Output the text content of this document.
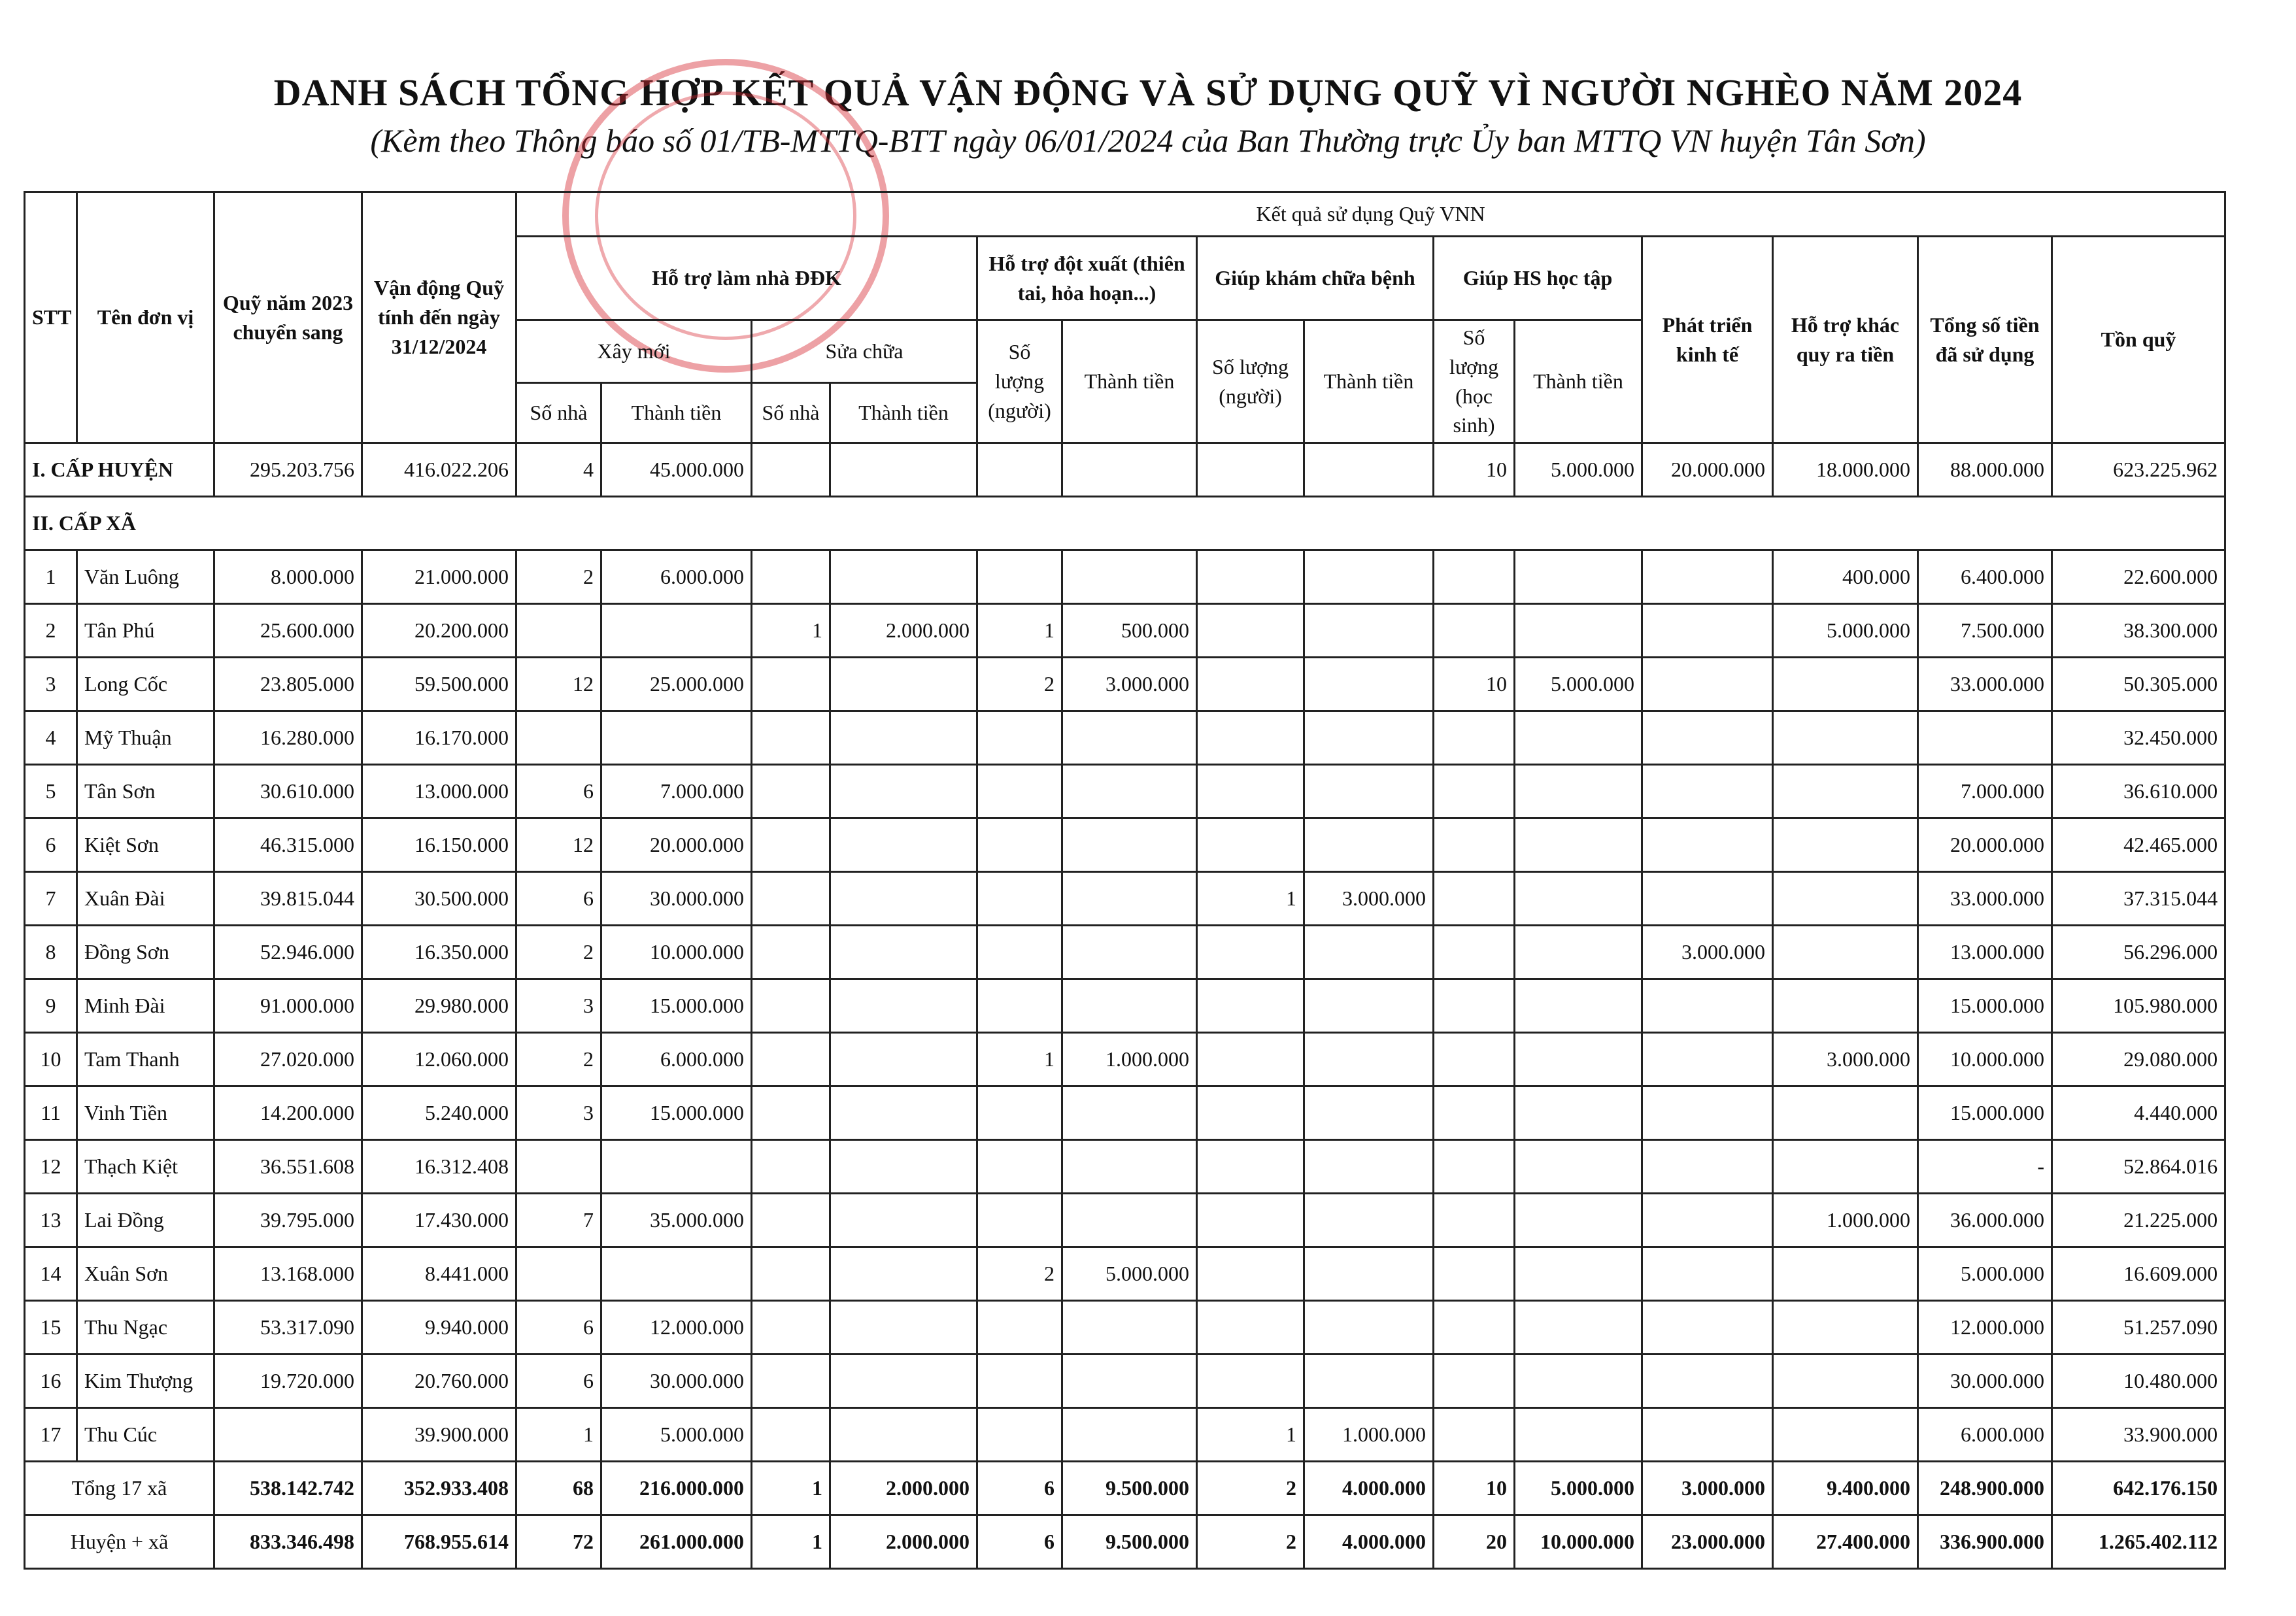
DANH SÁCH TỔNG HỢP KẾT QUẢ VẬN ĐỘNG VÀ SỬ DỤNG QUỸ VÌ NGƯỜI NGHÈO NĂM 2024
(Kèm theo Thông báo số 01/TB-MTTQ-BTT ngày 06/01/2024 của Ban Thường trực Ủy ban MTTQ VN huyện Tân Sơn)
STT	Tên đơn vị	Quỹ năm 2023 chuyển sang	Vận động Quỹ tính đến ngày 31/12/2024	Kết quả sử dụng Quỹ VNN													
				Hỗ trợ làm nhà ĐĐK				Hỗ trợ đột xuất (thiên tai, hỏa hoạn...)		Giúp khám chữa bệnh		Giúp HS học tập		Phát triển kinh tế	Hỗ trợ khác quy ra tiền	Tổng số tiền đã sử dụng	Tồn quỹ
				Xây mới		Sửa chữa		Số lượng (người)	Thành tiền	Số lượng (người)	Thành tiền	Số lượng (học sinh)	Thành tiền				
				Số nhà	Thành tiền	Số nhà	Thành tiền										
I. CẤP HUYỆN		295.203.756	416.022.206	4	45.000.000							10	5.000.000	20.000.000	18.000.000	88.000.000	623.225.962
II. CẤP XÃ																	
1	Văn Luông	8.000.000	21.000.000	2	6.000.000										400.000	6.400.000	22.600.000
2	Tân Phú	25.600.000	20.200.000			1	2.000.000	1	500.000						5.000.000	7.500.000	38.300.000
3	Long Cốc	23.805.000	59.500.000	12	25.000.000			2	3.000.000			10	5.000.000			33.000.000	50.305.000
4	Mỹ Thuận	16.280.000	16.170.000														32.450.000
5	Tân Sơn	30.610.000	13.000.000	6	7.000.000											7.000.000	36.610.000
6	Kiệt Sơn	46.315.000	16.150.000	12	20.000.000											20.000.000	42.465.000
7	Xuân Đài	39.815.044	30.500.000	6	30.000.000					1	3.000.000					33.000.000	37.315.044
8	Đồng Sơn	52.946.000	16.350.000	2	10.000.000									3.000.000		13.000.000	56.296.000
9	Minh Đài	91.000.000	29.980.000	3	15.000.000											15.000.000	105.980.000
10	Tam Thanh	27.020.000	12.060.000	2	6.000.000			1	1.000.000						3.000.000	10.000.000	29.080.000
11	Vinh Tiền	14.200.000	5.240.000	3	15.000.000											15.000.000	4.440.000
12	Thạch Kiệt	36.551.608	16.312.408													-	52.864.016
13	Lai Đồng	39.795.000	17.430.000	7	35.000.000										1.000.000	36.000.000	21.225.000
14	Xuân Sơn	13.168.000	8.441.000					2	5.000.000							5.000.000	16.609.000
15	Thu Ngạc	53.317.090	9.940.000	6	12.000.000											12.000.000	51.257.090
16	Kim Thượng	19.720.000	20.760.000	6	30.000.000											30.000.000	10.480.000
17	Thu Cúc		39.900.000	1	5.000.000					1	1.000.000					6.000.000	33.900.000
Tổng 17 xã		538.142.742	352.933.408	68	216.000.000	1	2.000.000	6	9.500.000	2	4.000.000	10	5.000.000	3.000.000	9.400.000	248.900.000	642.176.150
Huyện + xã		833.346.498	768.955.614	72	261.000.000	1	2.000.000	6	9.500.000	2	4.000.000	20	10.000.000	23.000.000	27.400.000	336.900.000	1.265.402.112
